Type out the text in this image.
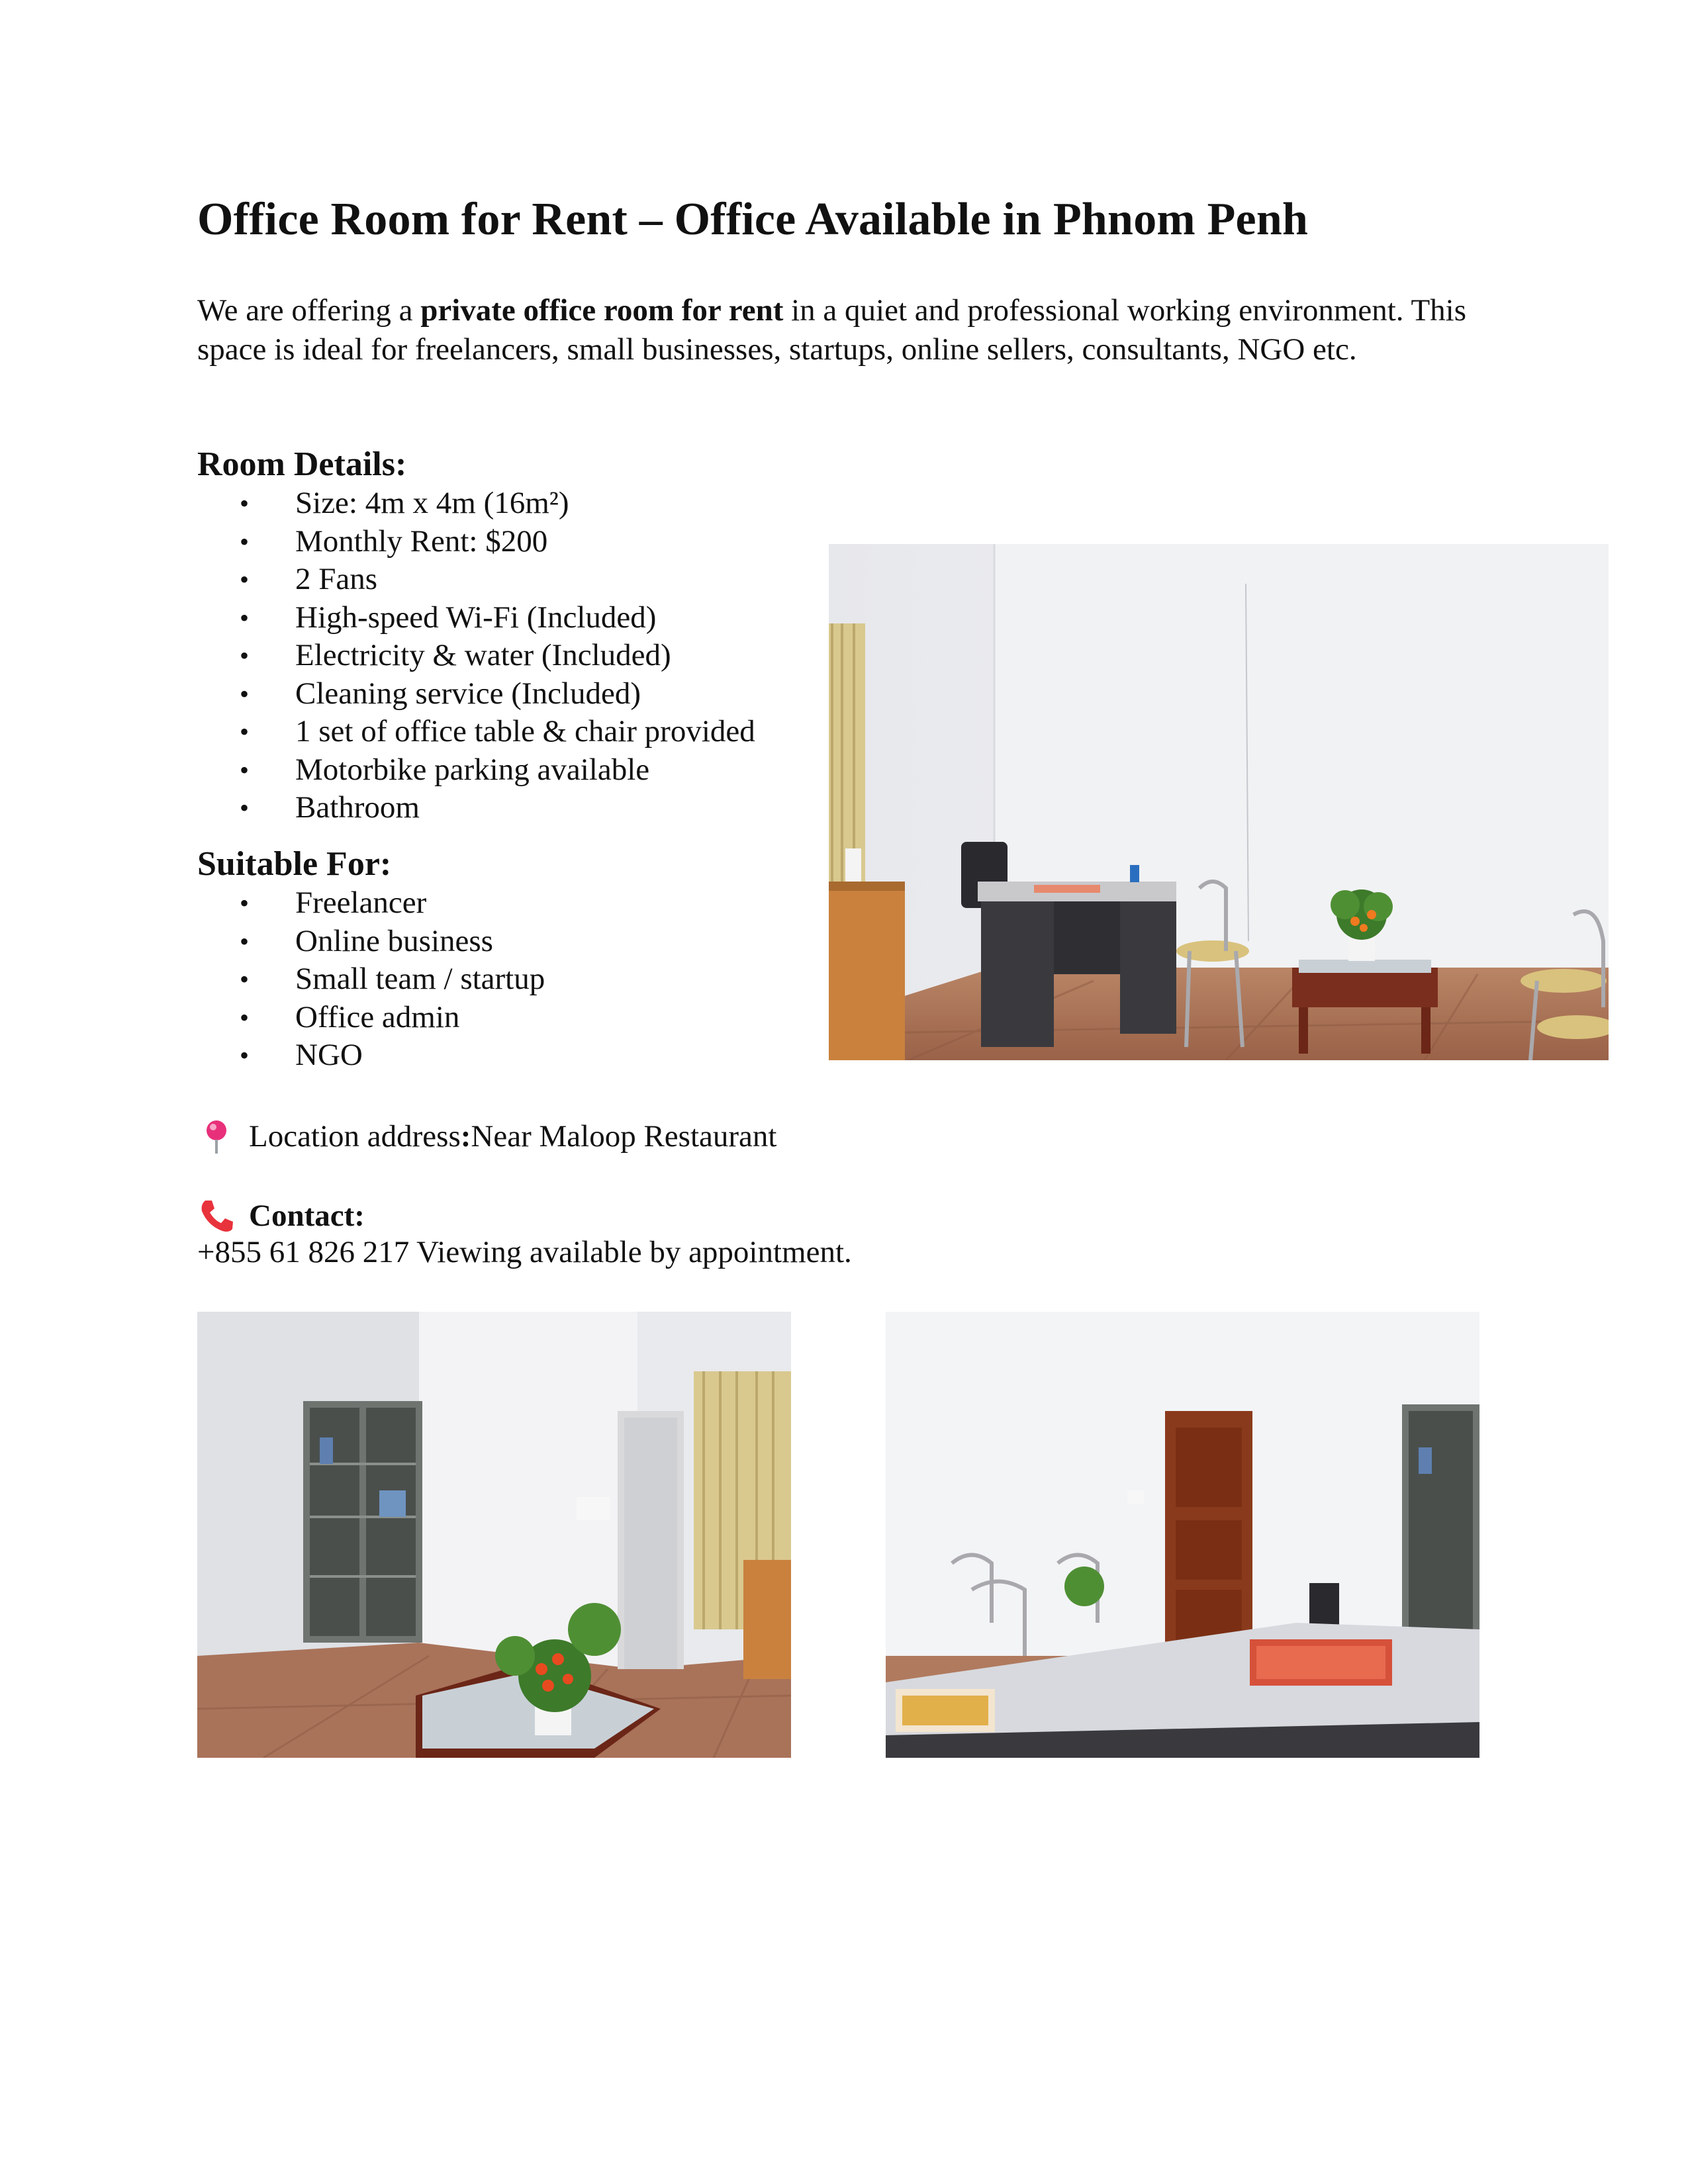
Office Room for Rent – Office Available in Phnom Penh

We are offering a private office room for rent in a quiet and professional working environment. This space is ideal for freelancers, small businesses, startups, online sellers, consultants, NGO etc.

Room Details:
• Size: 4m x 4m (16m²)
• Monthly Rent: $200
• 2 Fans
• High-speed Wi-Fi (Included)
• Electricity & water (Included)
• Cleaning service (Included)
• 1 set of office table & chair provided
• Motorbike parking available
• Bathroom
Suitable For:
• Freelancer
• Online business
• Small team / startup
• Office admin
• NGO
Location address : Near Maloop Restaurant
Contact:

+855 61 826 217 Viewing available by appointment.
